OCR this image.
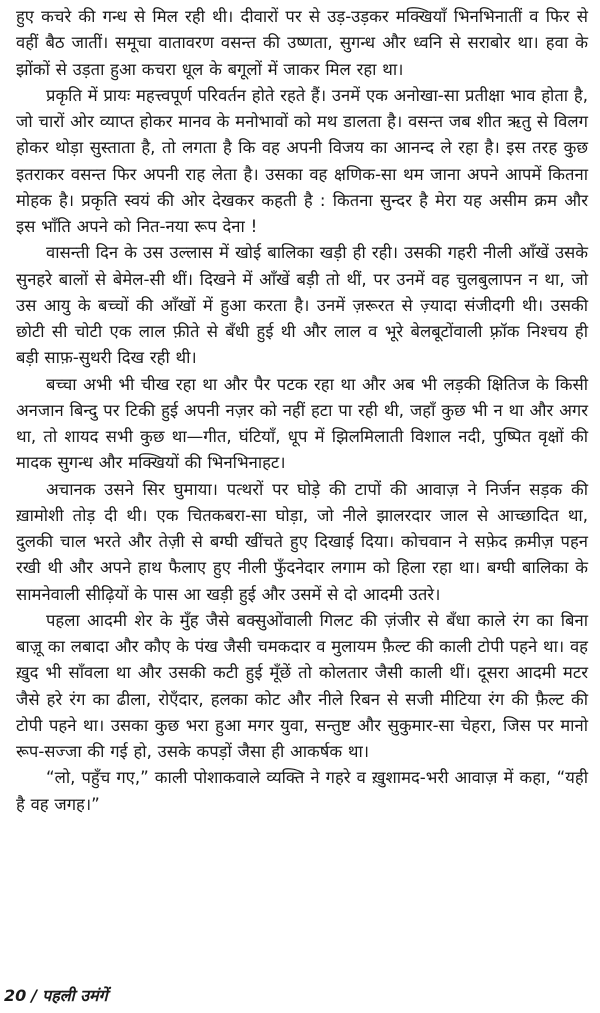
हुए कचरे की गन्ध से मिल रही थी। दीवारों पर से उड़-उड़कर मक्खियाँ भिनभिनातीं व फिर से वहीं बैठ जातीं। समूचा वातावरण वसन्त की उष्णता, सुगन्ध और ध्वनि से सराबोर था। हवा के झोंकों से उड़ता हुआ कचरा धूल के बगूलों में जाकर मिल रहा था।

प्रकृति में प्रायः महत्त्वपूर्ण परिवर्तन होते रहते हैं। उनमें एक अनोखा-सा प्रतीक्षा भाव होता है, जो चारों ओर व्याप्त होकर मानव के मनोभावों को मथ डालता है। वसन्त जब शीत ऋतु से विलग होकर थोड़ा सुस्ताता है, तो लगता है कि वह अपनी विजय का आनन्द ले रहा है। इस तरह कुछ इतराकर वसन्त फिर अपनी राह लेता है। उसका वह क्षणिक-सा थम जाना अपने आपमें कितना मोहक है। प्रकृति स्वयं की ओर देखकर कहती है : कितना सुन्दर है मेरा यह असीम क्रम और इस भाँति अपने को नित-नया रूप देना !

वासन्ती दिन के उस उल्लास में खोई बालिका खड़ी ही रही। उसकी गहरी नीली आँखें उसके सुनहरे बालों से बेमेल-सी थीं। दिखने में आँखें बड़ी तो थीं, पर उनमें वह चुलबुलापन न था, जो उस आयु के बच्चों की आँखों में हुआ करता है। उनमें ज़रूरत से ज़्यादा संजीदगी थी। उसकी छोटी सी चोटी एक लाल फ़ीते से बँधी हुई थी और लाल व भूरे बेलबूटोंवाली फ़्रॉक निश्चय ही बड़ी साफ़-सुथरी दिख रही थी।

बच्चा अभी भी चीख रहा था और पैर पटक रहा था और अब भी लड़की क्षितिज के किसी अनजान बिन्दु पर टिकी हुई अपनी नज़र को नहीं हटा पा रही थी, जहाँ कुछ भी न था और अगर था, तो शायद सभी कुछ था—गीत, घंटियाँ, धूप में झिलमिलाती विशाल नदी, पुष्पित वृक्षों की मादक सुगन्ध और मक्खियों की भिनभिनाहट।

अचानक उसने सिर घुमाया। पत्थरों पर घोड़े की टापों की आवाज़ ने निर्जन सड़क की ख़ामोशी तोड़ दी थी। एक चितकबरा-सा घोड़ा, जो नीले झालरदार जाल से आच्छादित था, दुलकी चाल भरते और तेज़ी से बग्घी खींचते हुए दिखाई दिया। कोचवान ने सफ़ेद क़मीज़ पहन रखी थी और अपने हाथ फैलाए हुए नीली फुँदनेदार लगाम को हिला रहा था। बग्घी बालिका के सामनेवाली सीढ़ियों के पास आ खड़ी हुई और उसमें से दो आदमी उतरे।

पहला आदमी शेर के मुँह जैसे बक्सुओंवाली गिलट की ज़ंजीर से बँधा काले रंग का बिना बाज़ू का लबादा और कौए के पंख जैसी चमकदार व मुलायम फ़ैल्ट की काली टोपी पहने था। वह ख़ुद भी साँवला था और उसकी कटी हुई मूँछें तो कोलतार जैसी काली थीं। दूसरा आदमी मटर जैसे हरे रंग का ढीला, रोएँदार, हलका कोट और नीले रिबन से सजी मीटिया रंग की फ़ैल्ट की टोपी पहने था। उसका कुछ भरा हुआ मगर युवा, सन्तुष्ट और सुकुमार-सा चेहरा, जिस पर मानो रूप-सज्जा की गई हो, उसके कपड़ों जैसा ही आकर्षक था।

“लो, पहुँच गए,” काली पोशाकवाले व्यक्ति ने गहरे व ख़ुशामद-भरी आवाज़ में कहा, “यही है वह जगह।”

20 / पहली उमंगें
